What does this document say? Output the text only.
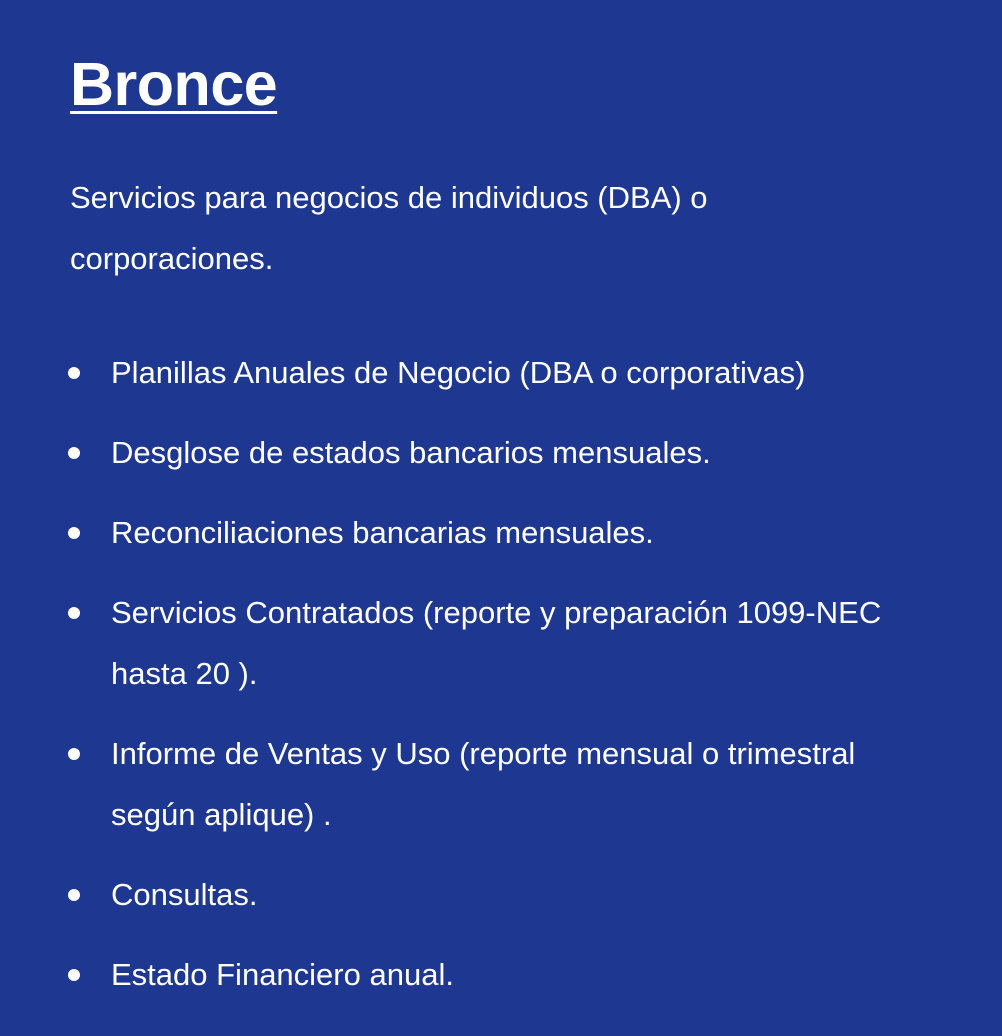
Bronce

Servicios para negocios de individuos (DBA) o corporaciones.

Planillas Anuales de Negocio (DBA o corporativas)
Desglose de estados bancarios mensuales.
Reconciliaciones bancarias mensuales.
Servicios Contratados (reporte y preparación 1099-NEC hasta 20 ).
Informe de Ventas y Uso (reporte mensual o trimestral según aplique) .
Consultas.
Estado Financiero anual.
